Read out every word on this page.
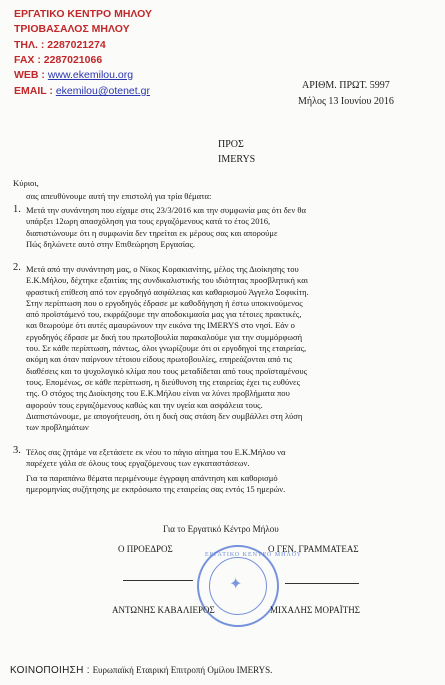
ΕΡΓΑΤΙΚΟ ΚΕΝΤΡΟ ΜΗΛΟΥ
ΤΡΙΟΒΑΣΑΛΟΣ ΜΗΛΟΥ
ΤΗΛ. : 2287021274
FAX : 2287021066
WEB : www.ekemilou.org
EMAIL : ekemilou@otenet.gr	ΑΡΙΘΜ. ΠΡΩΤ. 5997
Μήλος 13 Ιουνίου 2016
ΠΡΟΣ
IMERYS
Κύριοι,
σας απευθύνουμε αυτή την επιστολή για τρία θέματα:
1. Μετά την συνάντηση που είχαμε στις 23/3/2016 και την συμφωνία μας ότι δεν θα
υπάρξει 12ωρη απασχόληση για τους εργαζόμενους κατά το έτος 2016,
διαπιστώνουμε ότι η συμφωνία δεν τηρείται εκ μέρους σας και απορούμε
Πώς δηλώνετε αυτό στην Επιθεώρηση Εργασίας.
2. Μετά από την συνάντηση μας, ο Νίκος Κορακιανίτης, μέλος της Διοίκησης του
Ε.Κ.Μήλου, δέχτηκε εξαιτίας της συνδικαλιστικής του ιδιότητας προσβλητική και
φραστική επίθεση από τον εργοδηγό ασφάλειας και καθαρισμού Άγγελο Σοφικίτη.
Στην περίπτωση που ο εργοδηγός έδρασε με καθοδήγηση ή έστω υποκινούμενος
από προϊστάμενό του, εκφράζουμε την αποδοκιμασία μας για τέτοιες πρακτικές,
και θεωρούμε ότι αυτές αμαυρώνουν την εικόνα της IMERYS στο νησί. Εάν ο
εργοδηγός έδρασε με δική του πρωτοβουλία παρακαλούμε για την συμμόρφωσή
του. Σε κάθε περίπτωση, πάντως, όλοι γνωρίζουμε ότι οι εργοδηγοί της εταιρείας,
ακόμη και όταν παίρνουν τέτοιου είδους πρωτοβουλίες, επηρεάζονται από τις
διαθέσεις και το ψυχολογικό κλίμα που τους μεταδίδεται από τους προϊσταμένους
τους. Επομένως, σε κάθε περίπτωση, η διεύθυνση της εταιρείας έχει τις ευθύνες
της. Ο στόχος της Διοίκησης του Ε.Κ.Μήλου είναι να λύνει προβλήματα που
αφορούν τους εργαζόμενους καθώς και την υγεία και ασφάλεια τους.
Διαπιστώνουμε, με απογοήτευση, ότι η δική σας στάση δεν συμβάλλει στη λύση
των προβλημάτων
3. Τέλος σας ζητάμε να εξετάσετε εκ νέου το πάγιο αίτημα του Ε.Κ.Μήλου να
παρέχετε γάλα σε όλους τους εργαζόμενους των εγκαταστάσεων.
Για τα παραπάνω θέματα περιμένουμε έγγραφη απάντηση και καθορισμό
ημερομηνίας συζήτησης με εκπρόσωπο της εταιρείας σας εντός 15 ημερών.
Για το Εργατικό Κέντρο Μήλου
✦
ΕΡΓΑΤΙΚΟ ΚΕΝΤΡΟ ΜΗΛΟΥ
Ο ΠΡΟΕΔΡΟΣ	Ο ΓΕΝ. ΓΡΑΜΜΑΤΕΑΣ
ΑΝΤΩΝΗΣ ΚΑΒΑΛΙΕΡΟΣ	ΜΙΧΑΛΗΣ ΜΟΡΑΪΤΗΣ
ΚΟΙΝΟΠΟΙΗΣΗ : Ευρωπαϊκή Εταιρική Επιτροπή Ομίλου IMERYS.
